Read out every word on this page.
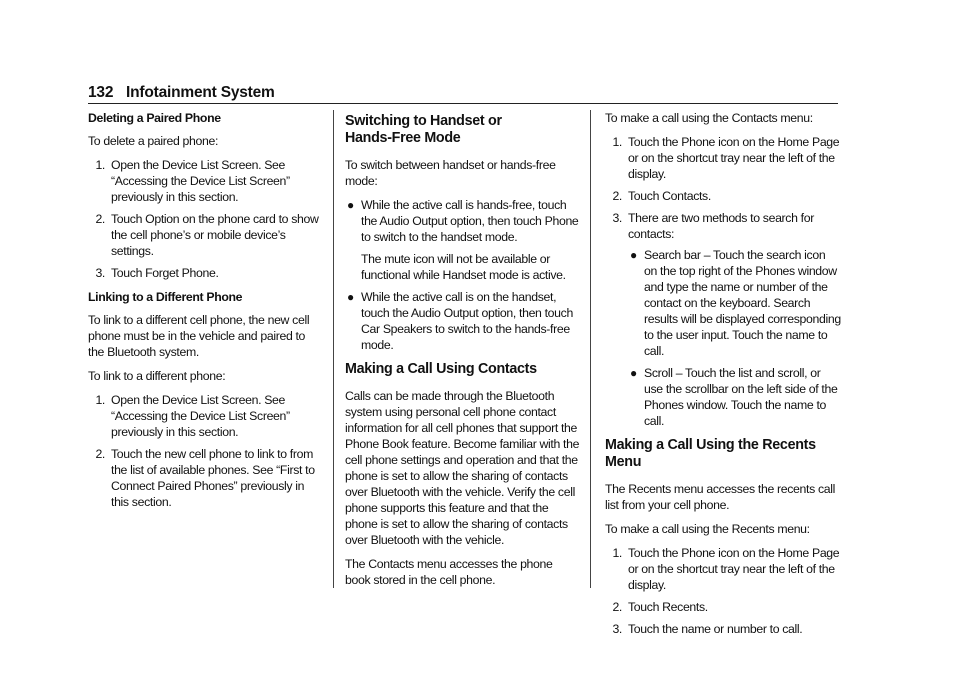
132 Infotainment System

Deleting a Paired Phone

To delete a paired phone:

1. Open the Device List Screen. See “Accessing the Device List Screen” previously in this section.
2. Touch Option on the phone card to show the cell phone’s or mobile device’s settings.
3. Touch Forget Phone.

Linking to a Different Phone

To link to a different cell phone, the new cell phone must be in the vehicle and paired to the Bluetooth system.

To link to a different phone:

1. Open the Device List Screen. See “Accessing the Device List Screen” previously in this section.
2. Touch the new cell phone to link to from the list of available phones. See “First to Connect Paired Phones” previously in this section.
Switching to Handset or
Hands-Free Mode

To switch between handset or hands-free mode:

● While the active call is hands-free, touch the Audio Output option, then touch Phone to switch to the handset mode.
The mute icon will not be available or functional while Handset mode is active.
● While the active call is on the handset, touch the Audio Output option, then touch Car Speakers to switch to the hands-free mode.
Making a Call Using Contacts

Calls can be made through the Bluetooth system using personal cell phone contact information for all cell phones that support the Phone Book feature. Become familiar with the cell phone settings and operation and that the phone is set to allow the sharing of contacts over Bluetooth with the vehicle. Verify the cell phone supports this feature and that the phone is set to allow the sharing of contacts over Bluetooth with the vehicle.

The Contacts menu accesses the phone book stored in the cell phone.

To make a call using the Contacts menu:

1. Touch the Phone icon on the Home Page or on the shortcut tray near the left of the display.
2. Touch Contacts.
3. There are two methods to search for contacts:
● Search bar – Touch the search icon on the top right of the Phones window and type the name or number of the contact on the keyboard. Search results will be displayed corresponding to the user input. Touch the name to call.
● Scroll – Touch the list and scroll, or use the scrollbar on the left side of the Phones window. Touch the name to call.
Making a Call Using the Recents Menu

The Recents menu accesses the recents call list from your cell phone.

To make a call using the Recents menu:

1. Touch the Phone icon on the Home Page or on the shortcut tray near the left of the display.
2. Touch Recents.
3. Touch the name or number to call.
